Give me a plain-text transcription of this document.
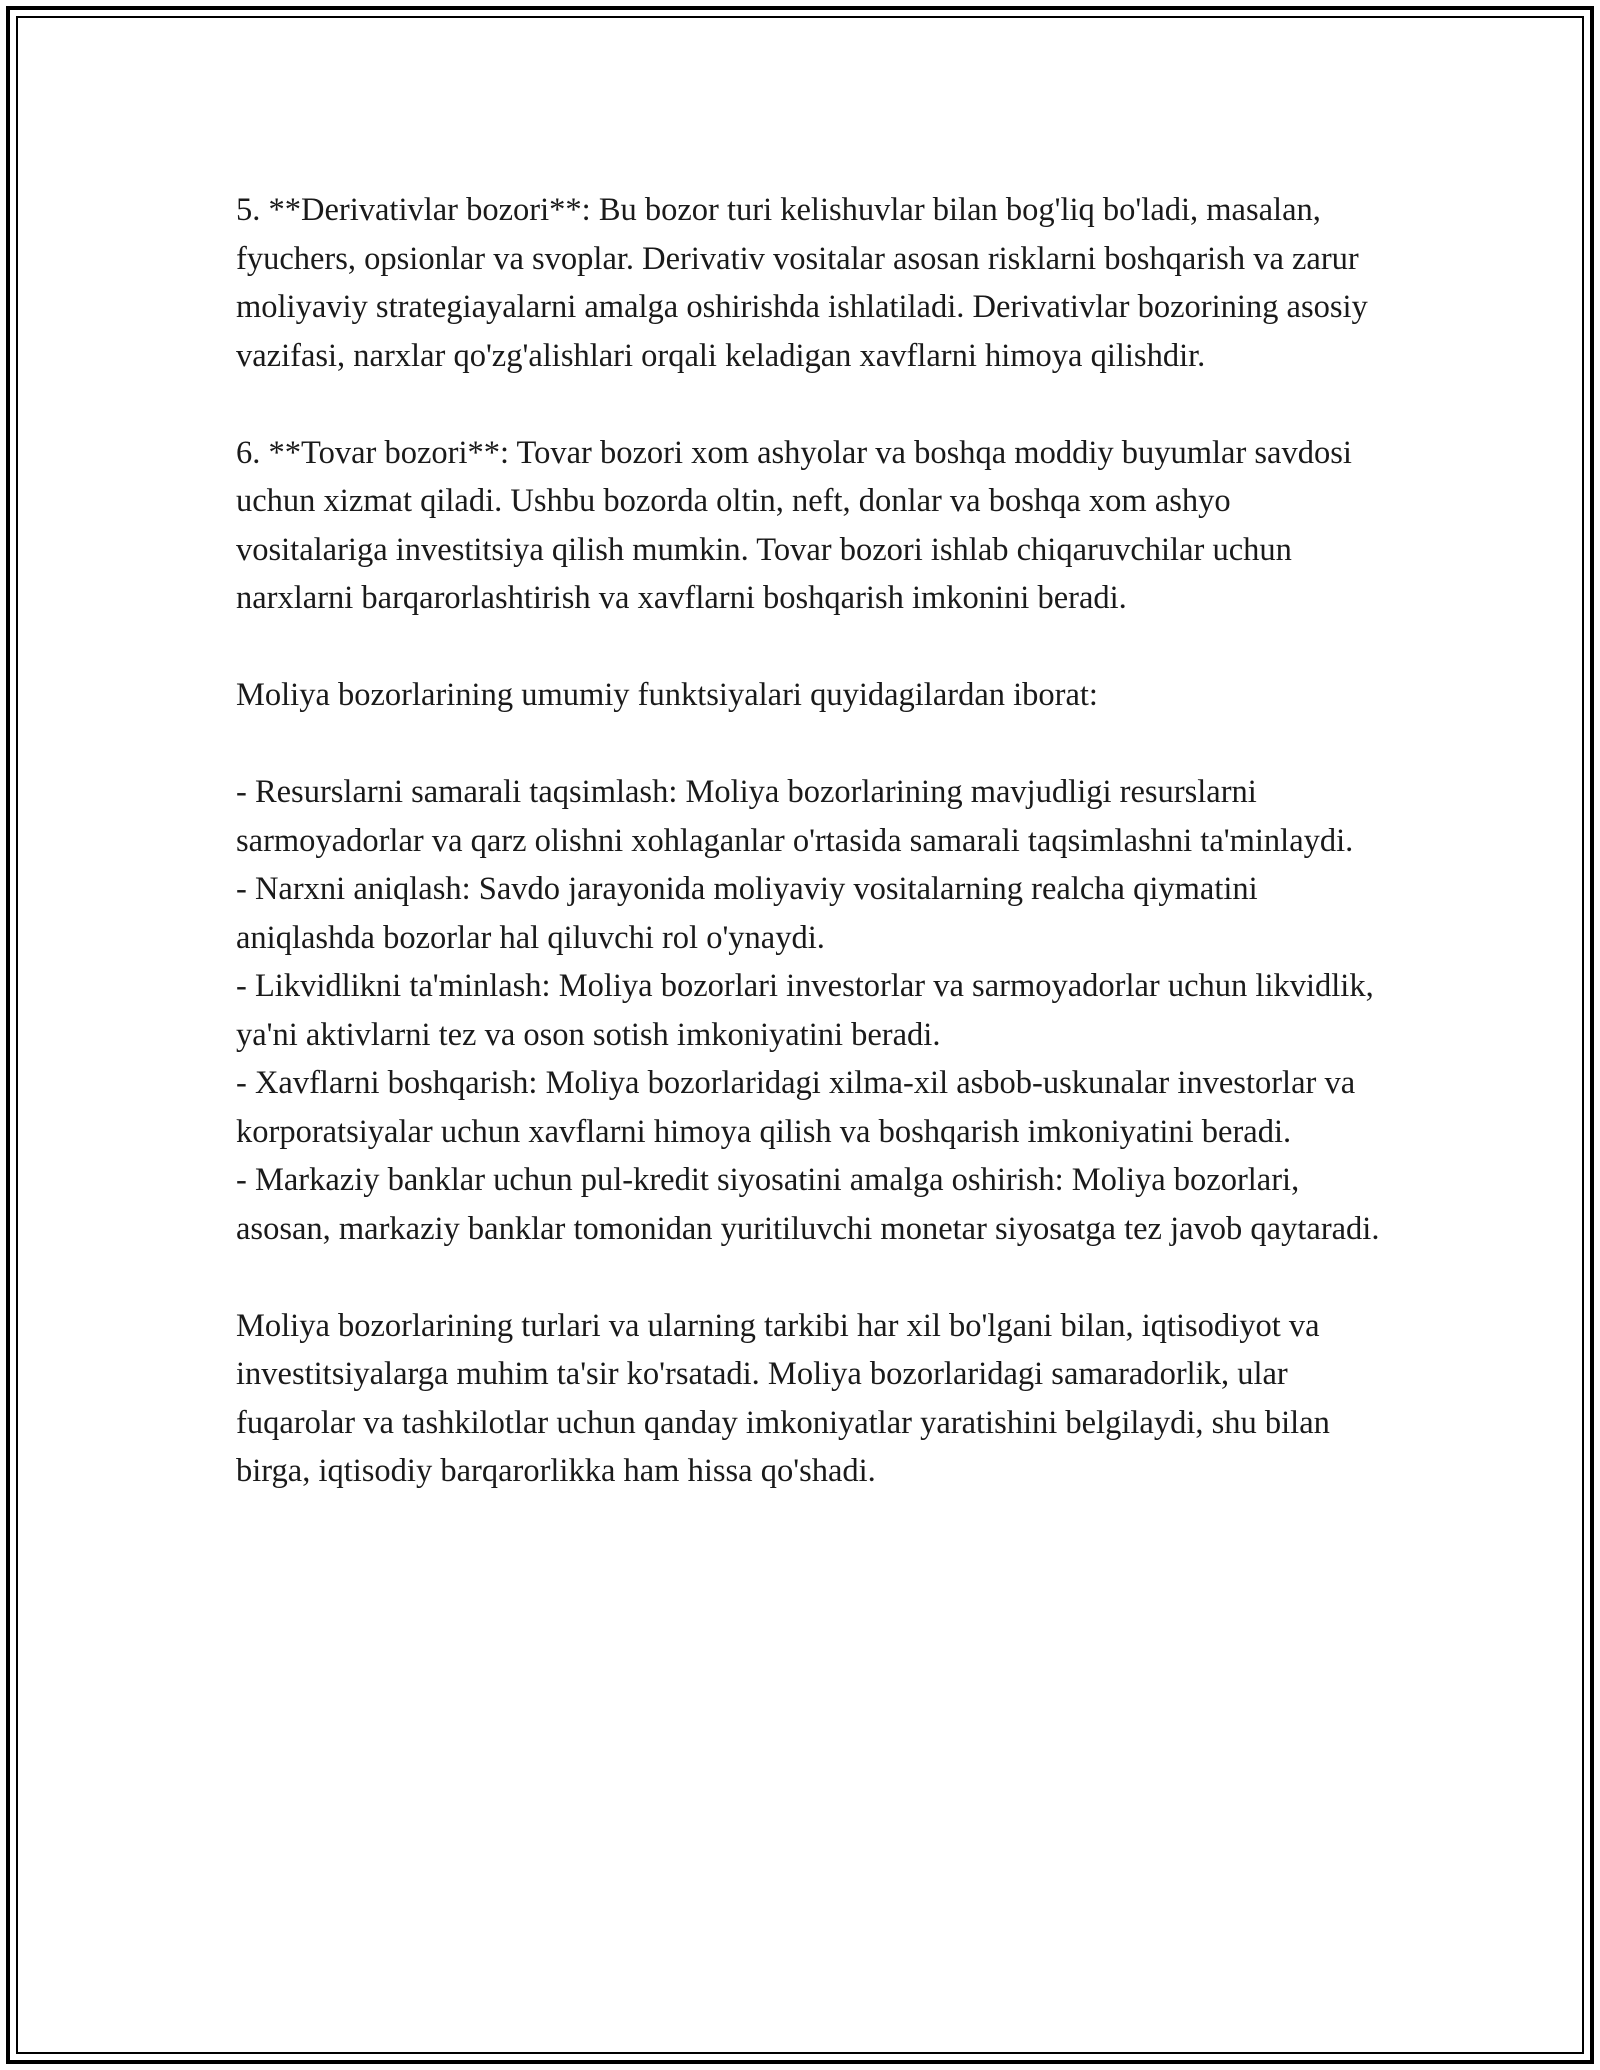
5. **Derivativlar bozori**: Bu bozor turi kelishuvlar bilan bog'liq bo'ladi, masalan, fyuchers, opsionlar va svoplar. Derivativ vositalar asosan risklarni boshqarish va zarur moliyaviy strategiayalarni amalga oshirishda ishlatiladi. Derivativlar bozorining asosiy vazifasi, narxlar qo'zg'alishlari orqali keladigan xavflarni himoya qilishdir.

6. **Tovar bozori**: Tovar bozori xom ashyolar va boshqa moddiy buyumlar savdosi uchun xizmat qiladi. Ushbu bozorda oltin, neft, donlar va boshqa xom ashyo vositalariga investitsiya qilish mumkin. Tovar bozori ishlab chiqaruvchilar uchun narxlarni barqarorlashtirish va xavflarni boshqarish imkonini beradi.

Moliya bozorlarining umumiy funktsiyalari quyidagilardan iborat:

- Resurslarni samarali taqsimlash: Moliya bozorlarining mavjudligi resurslarni sarmoyadorlar va qarz olishni xohlaganlar o'rtasida samarali taqsimlashni ta'minlaydi.
- Narxni aniqlash: Savdo jarayonida moliyaviy vositalarning realcha qiymatini aniqlashda bozorlar hal qiluvchi rol o'ynaydi.
- Likvidlikni ta'minlash: Moliya bozorlari investorlar va sarmoyadorlar uchun likvidlik, ya'ni aktivlarni tez va oson sotish imkoniyatini beradi.
- Xavflarni boshqarish: Moliya bozorlaridagi xilma-xil asbob-uskunalar investorlar va korporatsiyalar uchun xavflarni himoya qilish va boshqarish imkoniyatini beradi.
- Markaziy banklar uchun pul-kredit siyosatini amalga oshirish: Moliya bozorlari, asosan, markaziy banklar tomonidan yuritiluvchi monetar siyosatga tez javob qaytaradi.

Moliya bozorlarining turlari va ularning tarkibi har xil bo'lgani bilan, iqtisodiyot va investitsiyalarga muhim ta'sir ko'rsatadi. Moliya bozorlaridagi samaradorlik, ular fuqarolar va tashkilotlar uchun qanday imkoniyatlar yaratishini belgilaydi, shu bilan birga, iqtisodiy barqarorlikka ham hissa qo'shadi.
